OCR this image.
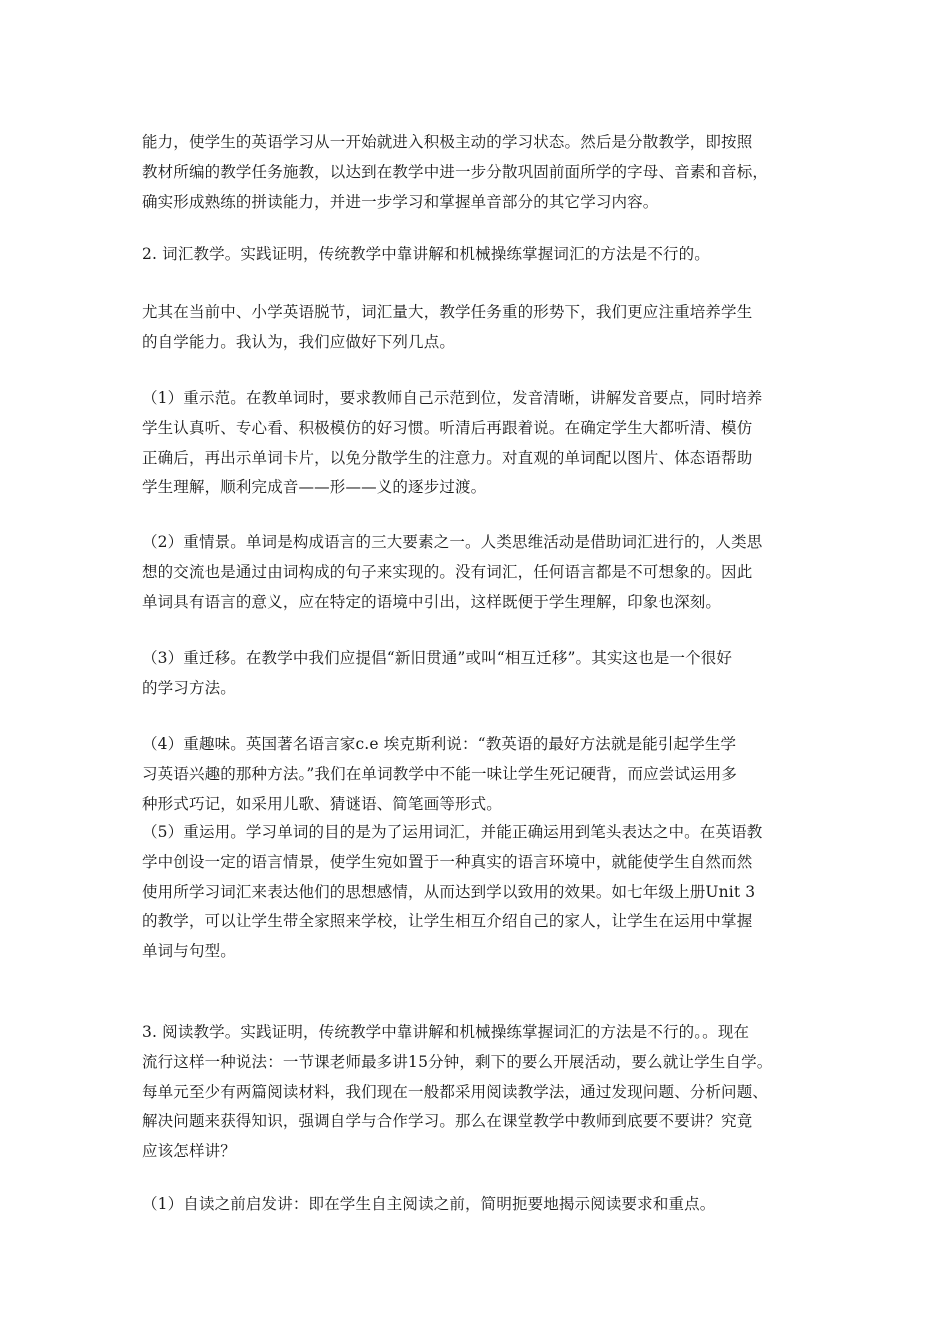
能力，使学生的英语学习从一开始就进入积极主动的学习状态。然后是分散教学，即按照
教材所编的教学任务施教，以达到在教学中进一步分散巩固前面所学的字母、音素和音标，
确实形成熟练的拼读能力，并进一步学习和掌握单音部分的其它学习内容。
2. 词汇教学。实践证明，传统教学中靠讲解和机械操练掌握词汇的方法是不行的。
尤其在当前中、小学英语脱节，词汇量大，教学任务重的形势下，我们更应注重培养学生
的自学能力。我认为，我们应做好下列几点。
（1）重示范。在教单词时，要求教师自己示范到位，发音清晰，讲解发音要点，同时培养
学生认真听、专心看、积极模仿的好习惯。听清后再跟着说。在确定学生大都听清、模仿
正确后，再出示单词卡片，以免分散学生的注意力。对直观的单词配以图片、体态语帮助
学生理解，顺利完成音——形——义的逐步过渡。
（2）重情景。单词是构成语言的三大要素之一。人类思维活动是借助词汇进行的，人类思
想的交流也是通过由词构成的句子来实现的。没有词汇，任何语言都是不可想象的。因此
单词具有语言的意义，应在特定的语境中引出，这样既便于学生理解，印象也深刻。
（3）重迁移。在教学中我们应提倡“新旧贯通”或叫“相互迁移”。其实这也是一个很好
的学习方法。
（4）重趣味。英国著名语言家c.e 埃克斯利说：“教英语的最好方法就是能引起学生学
习英语兴趣的那种方法。”我们在单词教学中不能一味让学生死记硬背，而应尝试运用多
种形式巧记，如采用儿歌、猜谜语、简笔画等形式。
（5）重运用。学习单词的目的是为了运用词汇，并能正确运用到笔头表达之中。在英语教
学中创设一定的语言情景，使学生宛如置于一种真实的语言环境中，就能使学生自然而然
使用所学习词汇来表达他们的思想感情，从而达到学以致用的效果。如七年级上册Unit 3
的教学，可以让学生带全家照来学校，让学生相互介绍自己的家人，让学生在运用中掌握
单词与句型。
3. 阅读教学。实践证明，传统教学中靠讲解和机械操练掌握词汇的方法是不行的。。现在
流行这样一种说法：一节课老师最多讲15分钟，剩下的要么开展活动，要么就让学生自学。
每单元至少有两篇阅读材料，我们现在一般都采用阅读教学法，通过发现问题、分析问题、
解决问题来获得知识，强调自学与合作学习。那么在课堂教学中教师到底要不要讲？究竟
应该怎样讲？
（1）自读之前启发讲：即在学生自主阅读之前，简明扼要地揭示阅读要求和重点。
